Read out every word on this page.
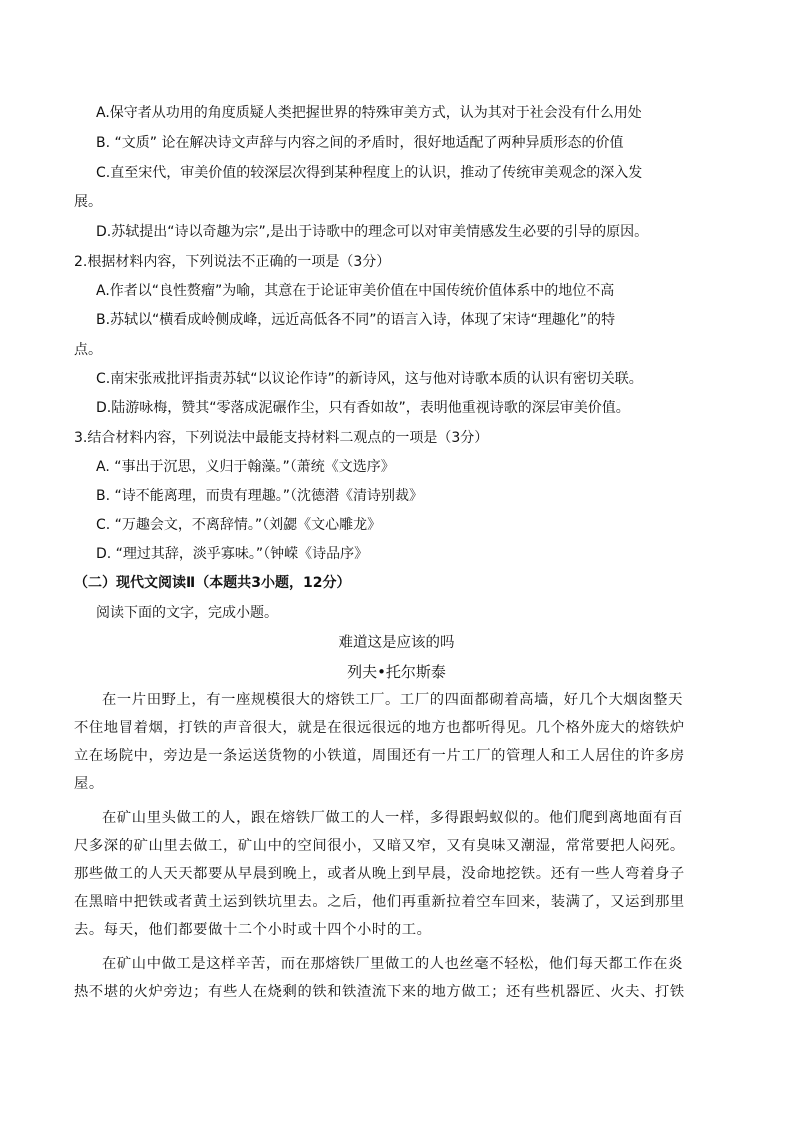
A.保守者从功用的角度质疑人类把握世界的特殊审美方式，认为其对于社会没有什么用处
B. “文质” 论在解决诗文声辞与内容之间的矛盾时，很好地适配了两种异质形态的价值
C.直至宋代，审美价值的较深层次得到某种程度上的认识，推动了传统审美观念的深入发
展。
D.苏轼提出“诗以奇趣为宗”,是出于诗歌中的理念可以对审美情感发生必要的引导的原因。
2.根据材料内容，下列说法不正确的一项是（3分）
A.作者以“良性赘瘤”为喻，其意在于论证审美价值在中国传统价值体系中的地位不高
B.苏轼以“横看成岭侧成峰，远近高低各不同”的语言入诗，体现了宋诗“理趣化”的特
点。
C.南宋张戒批评指责苏轼“以议论作诗”的新诗风，这与他对诗歌本质的认识有密切关联。
D.陆游咏梅，赞其“零落成泥碾作尘，只有香如故”，表明他重视诗歌的深层审美价值。
3.结合材料内容，下列说法中最能支持材料二观点的一项是（3分）
A. “事出于沉思，义归于翰藻。”（萧统《文选序》
B. “诗不能离理，而贵有理趣。”（沈德潜《清诗别裁》
C. “万趣会文，不离辞情。”（刘勰《文心雕龙》
D. “理过其辞，淡乎寡味。”（钟嵘《诗品序》
（二）现代文阅读Ⅱ（本题共3小题，12分）
阅读下面的文字，完成小题。
难道这是应该的吗
列夫•托尔斯泰
在一片田野上，有一座规模很大的熔铁工厂。工厂的四面都砌着高墙，好几个大烟囱整天
不住地冒着烟，打铁的声音很大，就是在很远很远的地方也都听得见。几个格外庞大的熔铁炉
立在场院中，旁边是一条运送货物的小铁道，周围还有一片工厂的管理人和工人居住的许多房
屋。
在矿山里头做工的人，跟在熔铁厂做工的人一样，多得跟蚂蚁似的。他们爬到离地面有百
尺多深的矿山里去做工，矿山中的空间很小，又暗又窄，又有臭味又潮湿，常常要把人闷死。
那些做工的人天天都要从早晨到晚上，或者从晚上到早晨，没命地挖铁。还有一些人弯着身子
在黑暗中把铁或者黄土运到铁坑里去。之后，他们再重新拉着空车回来，装满了，又运到那里
去。每天，他们都要做十二个小时或十四个小时的工。
在矿山中做工是这样辛苦，而在那熔铁厂里做工的人也丝毫不轻松，他们每天都工作在炎
热不堪的火炉旁边；有些人在烧剩的铁和铁渣流下来的地方做工；还有些机器匠、火夫、打铁
